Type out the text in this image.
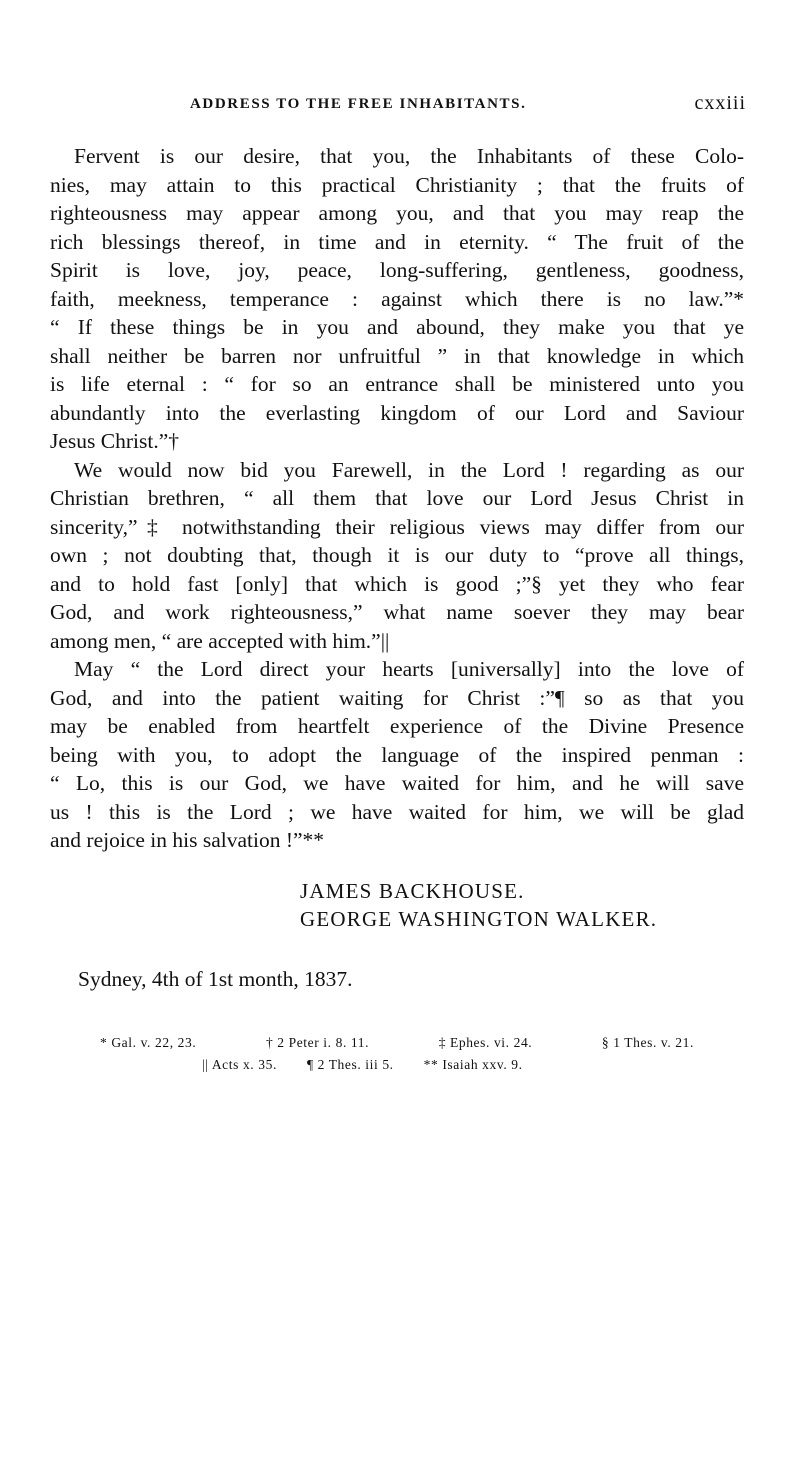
ADDRESS TO THE FREE INHABITANTS.	cxxiii
Fervent is our desire, that you, the Inhabitants of these Colo-
nies, may attain to this practical Christianity ; that the fruits of
righteousness may appear among you, and that you may reap the
rich blessings thereof, in time and in eternity. “ The fruit of the
Spirit is love, joy, peace, long-suffering, gentleness, goodness,
faith, meekness, temperance : against which there is no law.”*
“ If these things be in you and abound, they make you that ye
shall neither be barren nor unfruitful ” in that knowledge in which
is life eternal : “ for so an entrance shall be ministered unto you
abundantly into the everlasting kingdom of our Lord and Saviour
Jesus Christ.”†
We would now bid you Farewell, in the Lord ! regarding as our
Christian brethren, “ all them that love our Lord Jesus Christ in
sincerity,”‡ notwithstanding their religious views may differ from our
own ; not doubting that, though it is our duty to “prove all things,
and to hold fast [only] that which is good ;”§ yet they who fear
God, and work righteousness,” what name soever they may bear
among men, “ are accepted with him.”||
May “ the Lord direct your hearts [universally] into the love of
God, and into the patient waiting for Christ :”¶ so as that you
may be enabled from heartfelt experience of the Divine Presence
being with you, to adopt the language of the inspired penman :
“ Lo, this is our God, we have waited for him, and he will save
us ! this is the Lord ; we have waited for him, we will be glad
and rejoice in his salvation !”**
JAMES BACKHOUSE.
GEORGE WASHINGTON WALKER.
Sydney, 4th of 1st month, 1837.
* Gal. v. 22, 23.	† 2 Peter i. 8. 11.	‡ Ephes. vi. 24.	§ 1 Thes. v. 21.
|| Acts x. 35. ¶ 2 Thes. iii 5. ** Isaiah xxv. 9.
